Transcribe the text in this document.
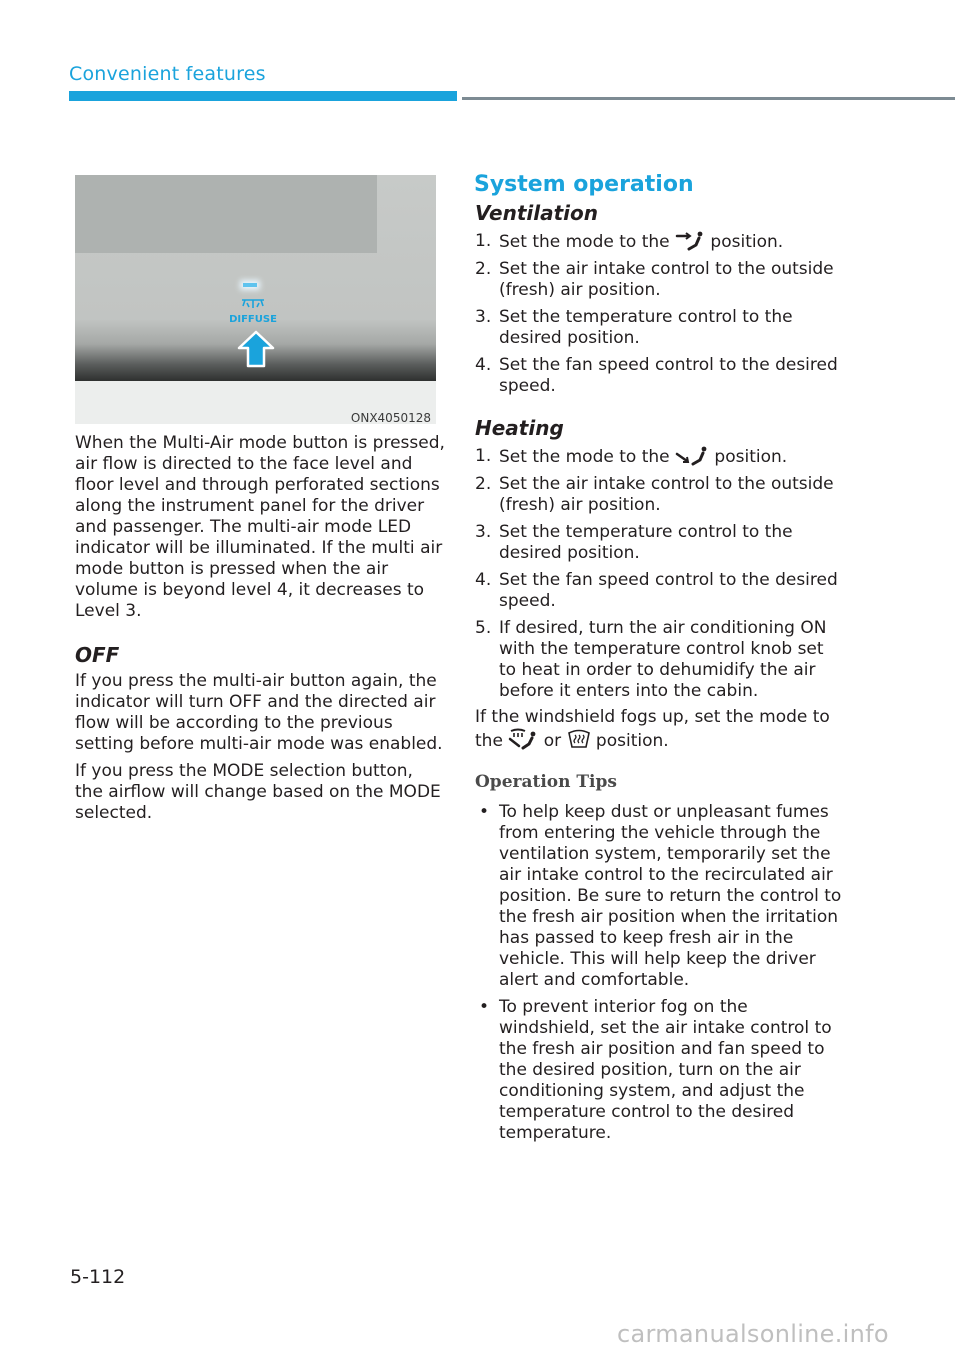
Convenient features
DIFFUSE
ONX4050128

When the Multi-Air mode button is pressed, air flow is directed to the face level and floor level and through perforated sections along the instrument panel for the driver and passenger. The multi-air mode LED indicator will be illuminated. If the multi air mode button is pressed when the air volume is beyond level 4, it decreases to Level 3.

OFF

If you press the multi-air button again, the indicator will turn OFF and the directed air flow will be according to the previous setting before multi-air mode was enabled.

If you press the MODE selection button, the airflow will change based on the MODE selected.

System operation
Ventilation
1. Set the mode to the position.
2. Set the air intake control to the outside (fresh) air position.
3. Set the temperature control to the desired position.
4. Set the fan speed control to the desired speed.
Heating
1. Set the mode to the	position.
2. Set the air intake control to the outside (fresh) air position.
3. Set the temperature control to the desired position.
4. Set the fan speed control to the desired speed.
5. If desired, turn the air conditioning ON with the temperature control knob set to heat in order to dehumidify the air before it enters into the cabin.

If the windshield fogs up, set the mode to the or position.

Operation Tips
• To help keep dust or unpleasant fumes from entering the vehicle through the ventilation system, temporarily set the air intake control to the recirculated air position. Be sure to return the control to the fresh air position when the irritation has passed to keep fresh air in the vehicle. This will help keep the driver alert and comfortable.
• To prevent interior fog on the windshield, set the air intake control to the fresh air position and fan speed to the desired position, turn on the air conditioning system, and adjust the temperature control to the desired temperature.
5-112
carmanualsonline.info
